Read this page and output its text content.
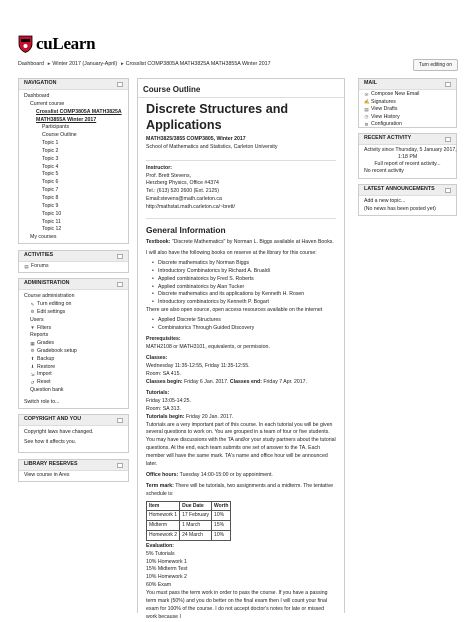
cuLearn
Dashboard ►Winter 2017 (January-April) ►Crosslist COMP3805A MATH3825A MATH3855A Winter 2017	Turn editing on
NAVIGATION
Dashboard
Current course
Crosslist COMP3805A MATH3825A
MATH3855A Winter 2017
Participants
Course Outline
Topic 1
Topic 2
Topic 3
Topic 4
Topic 5
Topic 6
Topic 7
Topic 8
Topic 9
Topic 10
Topic 11
Topic 12
My courses
ACTIVITIES
▤ Forums
ADMINISTRATION
Course administration
✎ Turn editing on
⚙ Edit settings
Users
▼ Filters
Reports
▦ Grades
⚙ Gradebook setup
⬆ Backup
⬇ Restore
⇲ Import
↺ Reset
Question bank
Switch role to...
COPYRIGHT AND YOU
Copyright laws have changed.
See how it affects you.
LIBRARY RESERVES
View course in Ares
Course Outline
Discrete Structures and Applications
MATH3825/3855 COMP3805, Winter 2017
School of Mathematics and Statistics, Carleton University
Instructor:
Prof. Brett Stevens,
Herzberg Physics, Office #4374
Tel.: (613) 520 2600 (Ext. 2125)
Email:stevens@math.carleton.ca
http://mathstat.math.carleton.ca/~brett/
General Information
Textbook: "Discrete Mathematics" by Norman L. Biggs available at Haven Books.
I will also have the following books on reserve at the library for this course:
• Discrete mathematics by Norman Biggs
• Introductory Combinatorics by Richard A. Brualdi
• Applied combinatorics by Fred S. Roberts
• Applied combinatorics by Alan Tucker
• Discrete mathematics and its applications by Kenneth H. Rosen
• Introductory combinatorics by Kenneth P. Bogart
There are also open source, open access resources available on the internet
• Applied Discrete Structures
• Combinatorics Through Guided Discovery
Prerequisites:
MATH2108 or MATH3101, equivalents, or permission.
Classes:
Wednesday 11:35-12:55, Friday 11:35-12:55.
Room: SA 415.
Classes begin: Friday 6 Jan. 2017. Classes end: Friday 7 Apr. 2017.
Tutorials:
Friday 13:05-14:25.
Room: SA 313.
Tutorials begin: Friday 20 Jan. 2017.
Tutorials are a very important part of this course. In each tutorial you will be given several questions to work on. You are grouped in a team of four or five students. You may have discussions with the TA and/or your study partners about the tutorial questions. At the end, each team submits one set of answer to the TA. Each member will have the same mark. TA's name and office hour will be announced later.
Office hours: Tuesday 14:00-15:00 or by appointment.
Term mark: There will be tutorials, two assignments and a midterm. The tentative schedule is:
Item	Due Date	Worth
Homework 1	17 February	10%
Midterm	1 March	15%
Homework 2	24 March	10%
Evaluation:
5% Tutorials
10% Homework 1
15% Midterm Test
10% Homework 2
60% Exam
You must pass the term work in order to pass the course. If you have a passing term mark (50%) and you do better on the final exam then I will count your final exam for 100% of the course. I do not accept doctor's notes for late or missed work because I
MAIL
✉ Compose New Email
✍ Signatures
▤ View Drafts
◷ View History
⚙ Configuration
RECENT ACTIVITY
Activity since Thursday, 5 January 2017,
1:18 PM
Full report of recent activity...
No recent activity
LATEST ANNOUNCEMENTS
Add a new topic...
(No news has been posted yet)
